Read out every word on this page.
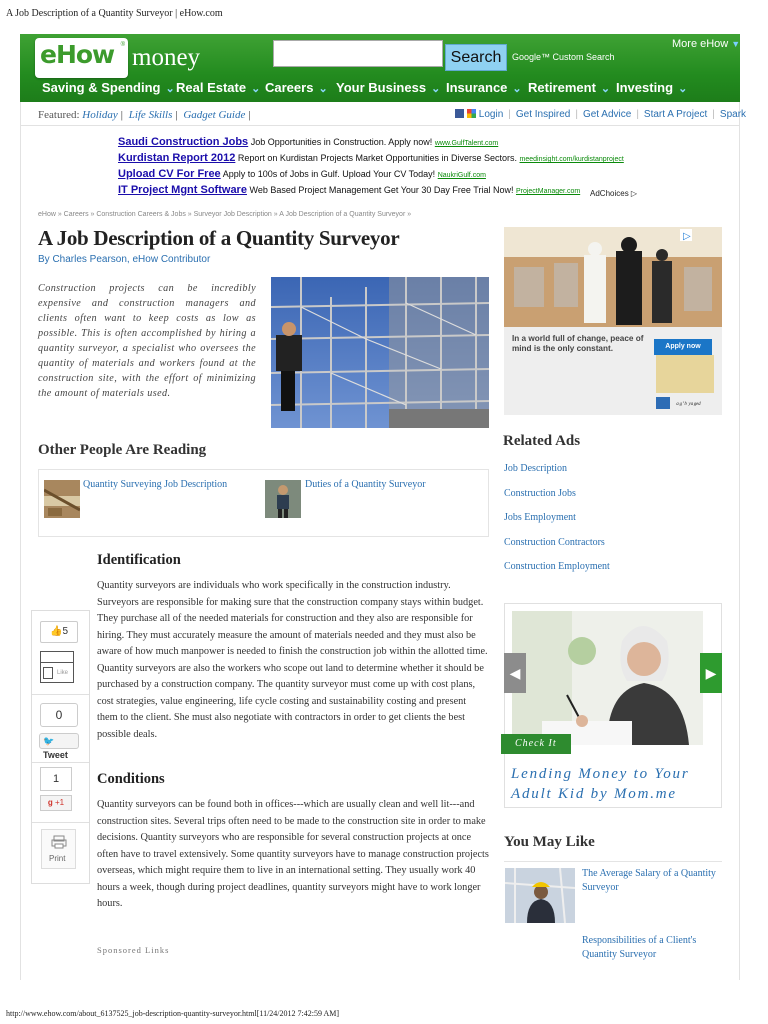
A Job Description of a Quantity Surveyor | eHow.com
eHow ® money	Search	Google™ Custom Search
More eHow ▼
Saving & Spending ⌄ Real Estate ⌄ Careers ⌄ Your Business ⌄ Insurance ⌄ Retirement ⌄ Investing ⌄
Featured: Holiday | Life Skills | Gadget Guide |	Login | Get Inspired | Get Advice | Start A Project | Spark
Saudi Construction Jobs Job Opportunities in Construction. Apply now! www.GulfTalent.com
Kurdistan Report 2012 Report on Kurdistan Projects Market Opportunities in Diverse Sectors. meedinsight.com/kurdistanproject
Upload CV For Free Apply to 100s of Jobs in Gulf. Upload Your CV Today! NaukriGulf.com
IT Project Mgnt Software Web Based Project Management Get Your 30 Day Free Trial Now! ProjectManager.com AdChoices ▷
eHow » Careers » Construction Careers & Jobs » Surveyor Job Description » A Job Description of a Quantity Surveyor »
A Job Description of a Quantity Surveyor
By Charles Pearson, eHow Contributor

Construction projects can be incredibly expensive and construction managers and clients often want to keep costs as low as possible. This is often accomplished by hiring a quantity surveyor, a specialist who oversees the quantity of materials and workers found at the construction site, with the effort of minimizing the amount of materials used.

Other People Are Reading
Quantity Surveying Job Description	Duties of a Quantity Surveyor
👍5
Like
0
🐦Tweet
1
g +1
Print
Identification

Quantity surveyors are individuals who work specifically in the construction industry. Surveyors are responsible for making sure that the construction company stays within budget. They purchase all of the needed materials for construction and they also are responsible for hiring. They must accurately measure the amount of materials needed and they must also be aware of how much manpower is needed to finish the construction job within the allotted time. Quantity surveyors are also the workers who scope out land to determine whether it should be purchased by a construction company. The quantity surveyor must come up with cost plans, cost strategies, value engineering, life cycle costing and sustainability costing and present them to the client. She must also negotiate with contractors in order to get clients the best possible deals.

Conditions

Quantity surveyors can be found both in offices---which are usually clean and well lit---and construction sites. Several trips often need to be made to the construction site in order to make decisions. Quantity surveyors who are responsible for several construction projects at once often have to travel extensively. Some quantity surveyors have to manage construction projects overseas, which might require them to live in an international setting. They usually work 40 hours a week, though during project deadlines, quantity surveyors might have to work longer hours.

Sponsored Links
▷
ᵃᵍ˙ᵇ ʸᵃᵍᵉᵈ
In a world full of change, peace of mind is the only constant.	Apply now
Related Ads
Job Description
Construction Jobs
Jobs Employment
Construction Contractors
Construction Employment
◀	▶
Check It Out
Lending Money to Your Adult Kid by Mom.me
You May Like
The Average Salary of a Quantity Surveyor
Responsibilities of a Client's Quantity Surveyor
http://www.ehow.com/about_6137525_job-description-quantity-surveyor.html[11/24/2012 7:42:59 AM]
